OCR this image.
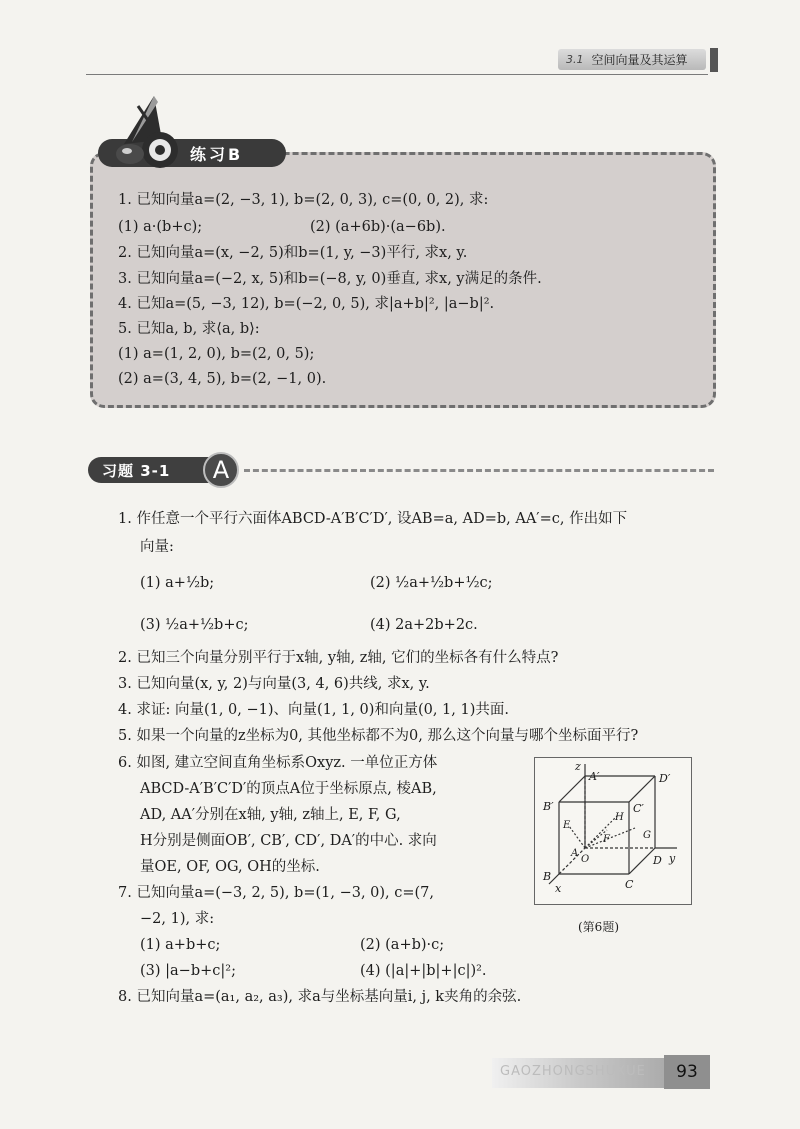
3.1 空间向量及其运算
练习B
1. 已知向量a=(2, −3, 1), b=(2, 0, 3), c=(0, 0, 2), 求:
(1) a·(b+c);	(2) (a+6b)·(a−6b).
2. 已知向量a=(x, −2, 5)和b=(1, y, −3)平行, 求x, y.
3. 已知向量a=(−2, x, 5)和b=(−8, y, 0)垂直, 求x, y满足的条件.
4. 已知a=(5, −3, 12), b=(−2, 0, 5), 求|a+b|², |a−b|².
5. 已知a, b, 求⟨a, b⟩:
(1) a=(1, 2, 0), b=(2, 0, 5);
(2) a=(3, 4, 5), b=(2, −1, 0).
习题 3-1	A
1. 作任意一个平行六面体ABCD-A′B′C′D′, 设AB=a, AD=b, AA′=c, 作出如下
向量:
(1) a+½b;	(2) ½a+½b+½c;
(3) ½a+½b+c;	(4) 2a+2b+2c.
2. 已知三个向量分别平行于x轴, y轴, z轴, 它们的坐标各有什么特点?
3. 已知向量(x, y, 2)与向量(3, 4, 6)共线, 求x, y.
4. 求证: 向量(1, 0, −1)、向量(1, 1, 0)和向量(0, 1, 1)共面.
5. 如果一个向量的z坐标为0, 其他坐标都不为0, 那么这个向量与哪个坐标面平行?
6. 如图, 建立空间直角坐标系Oxyz. 一单位正方体
ABCD-A′B′C′D′的顶点A位于坐标原点, 棱AB,
AD, AA′分别在x轴, y轴, z轴上, E, F, G,
H分别是侧面OB′, CB′, CD′, DA′的中心. 求向
量OE, OF, OG, OH的坐标.
7. 已知向量a=(−3, 2, 5), b=(1, −3, 0), c=(7,
−2, 1), 求:
(1) a+b+c;	(2) (a+b)·c;
(3) |a−b+c|²;	(4) (|a|+|b|+|c|)².
8. 已知向量a=(a₁, a₂, a₃), 求a与坐标基向量i, j, k夹角的余弦.
z
A′	D′
B′	C′
H
E
F	G
A
O	D y
B
C
x
(第6题)
GAOZHONGSHUXUE	93
